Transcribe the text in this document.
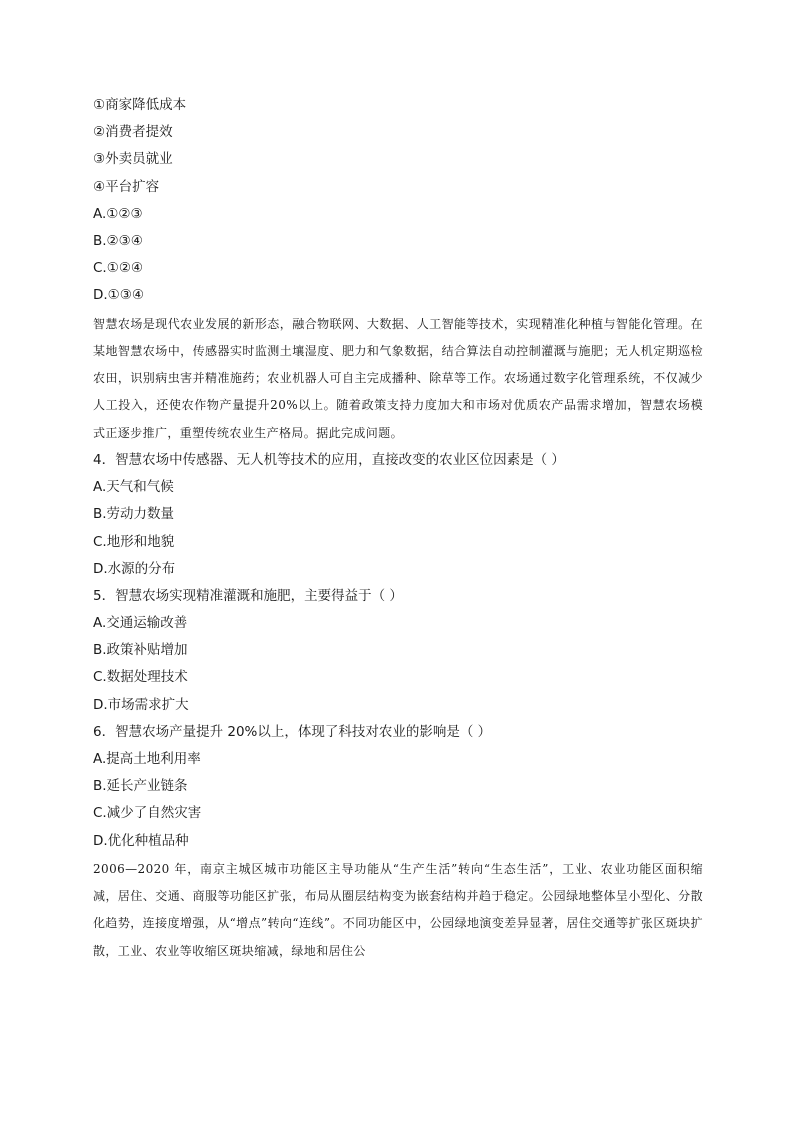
①商家降低成本
②消费者提效
③外卖员就业
④平台扩容
A.①②③
B.②③④
C.①②④
D.①③④

智慧农场是现代农业发展的新形态，融合物联网、大数据、人工智能等技术，实现精准化种植与智能化管理。在某地智慧农场中，传感器实时监测土壤湿度、肥力和气象数据，结合算法自动控制灌溉与施肥；无人机定期巡检农田，识别病虫害并精准施药；农业机器人可自主完成播种、除草等工作。农场通过数字化管理系统，不仅减少人工投入，还使农作物产量提升20%以上。随着政策支持力度加大和市场对优质农产品需求增加，智慧农场模式正逐步推广，重塑传统农业生产格局。据此完成问题。

4．智慧农场中传感器、无人机等技术的应用，直接改变的农业区位因素是（ ）
A.天气和气候
B.劳动力数量
C.地形和地貌
D.水源的分布
5．智慧农场实现精准灌溉和施肥，主要得益于（ ）
A.交通运输改善
B.政策补贴增加
C.数据处理技术
D.市场需求扩大
6．智慧农场产量提升 20%以上，体现了科技对农业的影响是（ ）
A.提高土地利用率
B.延长产业链条
C.减少了自然灾害
D.优化种植品种

2006—2020 年，南京主城区城市功能区主导功能从“生产生活”转向“生态生活”，工业、农业功能区面积缩减，居住、交通、商服等功能区扩张，布局从圈层结构变为嵌套结构并趋于稳定。公园绿地整体呈小型化、分散化趋势，连接度增强，从“增点”转向“连线”。不同功能区中，公园绿地演变差异显著，居住交通等扩张区斑块扩散，工业、农业等收缩区斑块缩减，绿地和居住公
